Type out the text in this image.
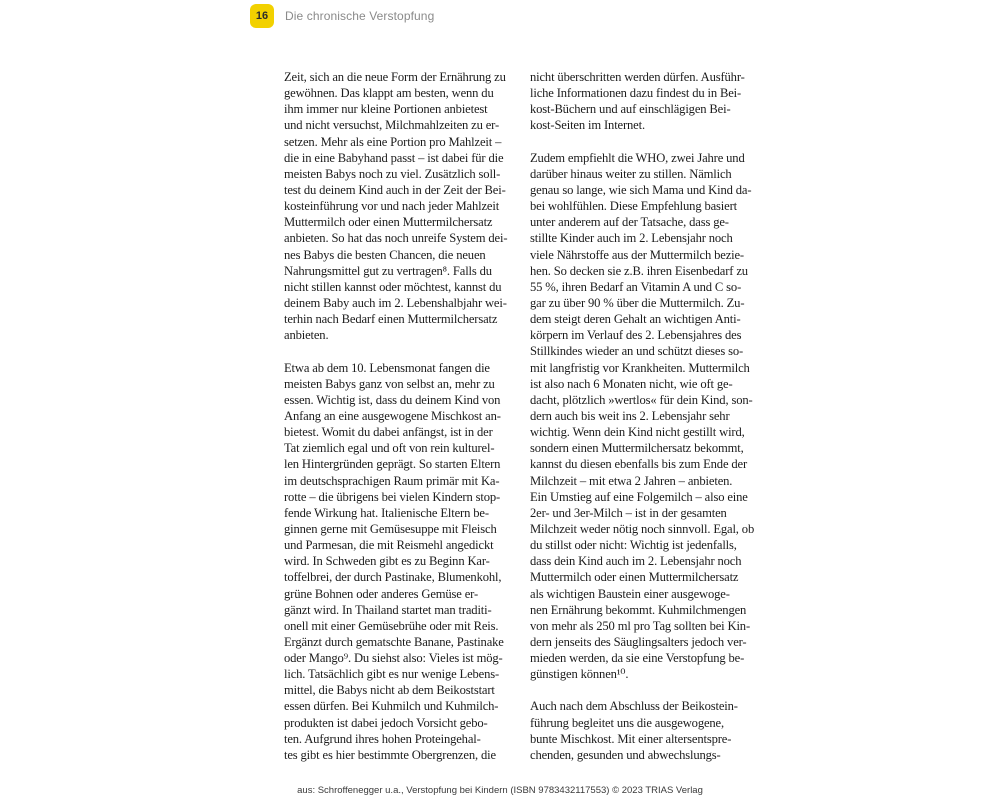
16	Die chronische Verstopfung
Zeit, sich an die neue Form der Ernährung zu
gewöhnen. Das klappt am besten, wenn du
ihm immer nur kleine Portionen anbietest
und nicht versuchst, Milchmahlzeiten zu er-
setzen. Mehr als eine Portion pro Mahlzeit –
die in eine Babyhand passt – ist dabei für die
meisten Babys noch zu viel. Zusätzlich soll-
test du deinem Kind auch in der Zeit der Bei-
kosteinführung vor und nach jeder Mahlzeit
Muttermilch oder einen Muttermilchersatz
anbieten. So hat das noch unreife System dei-
nes Babys die besten Chancen, die neuen
Nahrungsmittel gut zu vertragen⁸. Falls du
nicht stillen kannst oder möchtest, kannst du
deinem Baby auch im 2. Lebenshalbjahr wei-
terhin nach Bedarf einen Muttermilchersatz
anbieten.
Etwa ab dem 10. Lebensmonat fangen die
meisten Babys ganz von selbst an, mehr zu
essen. Wichtig ist, dass du deinem Kind von
Anfang an eine ausgewogene Mischkost an-
bietest. Womit du dabei anfängst, ist in der
Tat ziemlich egal und oft von rein kulturel-
len Hintergründen geprägt. So starten Eltern
im deutschsprachigen Raum primär mit Ka-
rotte – die übrigens bei vielen Kindern stop-
fende Wirkung hat. Italienische Eltern be-
ginnen gerne mit Gemüsesuppe mit Fleisch
und Parmesan, die mit Reismehl angedickt
wird. In Schweden gibt es zu Beginn Kar-
toffelbrei, der durch Pastinake, Blumenkohl,
grüne Bohnen oder anderes Gemüse er-
gänzt wird. In Thailand startet man traditi-
onell mit einer Gemüsebrühe oder mit Reis.
Ergänzt durch gematschte Banane, Pastinake
oder Mango⁹. Du siehst also: Vieles ist mög-
lich. Tatsächlich gibt es nur wenige Lebens-
mittel, die Babys nicht ab dem Beikoststart
essen dürfen. Bei Kuhmilch und Kuhmilch-
produkten ist dabei jedoch Vorsicht gebo-
ten. Aufgrund ihres hohen Proteingehal-
tes gibt es hier bestimmte Obergrenzen, die
nicht überschritten werden dürfen. Ausführ-
liche Informationen dazu findest du in Bei-
kost-Büchern und auf einschlägigen Bei-
kost-Seiten im Internet.
Zudem empfiehlt die WHO, zwei Jahre und
darüber hinaus weiter zu stillen. Nämlich
genau so lange, wie sich Mama und Kind da-
bei wohlfühlen. Diese Empfehlung basiert
unter anderem auf der Tatsache, dass ge-
stillte Kinder auch im 2. Lebensjahr noch
viele Nährstoffe aus der Muttermilch bezie-
hen. So decken sie z.B. ihren Eisenbedarf zu
55 %, ihren Bedarf an Vitamin A und C so-
gar zu über 90 % über die Muttermilch. Zu-
dem steigt deren Gehalt an wichtigen Anti-
körpern im Verlauf des 2. Lebensjahres des
Stillkindes wieder an und schützt dieses so-
mit langfristig vor Krankheiten. Muttermilch
ist also nach 6 Monaten nicht, wie oft ge-
dacht, plötzlich »wertlos« für dein Kind, son-
dern auch bis weit ins 2. Lebensjahr sehr
wichtig. Wenn dein Kind nicht gestillt wird,
sondern einen Muttermilchersatz bekommt,
kannst du diesen ebenfalls bis zum Ende der
Milchzeit – mit etwa 2 Jahren – anbieten.
Ein Umstieg auf eine Folgemilch – also eine
2er- und 3er-Milch – ist in der gesamten
Milchzeit weder nötig noch sinnvoll. Egal, ob
du stillst oder nicht: Wichtig ist jedenfalls,
dass dein Kind auch im 2. Lebensjahr noch
Muttermilch oder einen Muttermilchersatz
als wichtigen Baustein einer ausgewoge-
nen Ernährung bekommt. Kuhmilchmengen
von mehr als 250 ml pro Tag sollten bei Kin-
dern jenseits des Säuglingsalters jedoch ver-
mieden werden, da sie eine Verstopfung be-
günstigen können¹⁰.
Auch nach dem Abschluss der Beikostein-
führung begleitet uns die ausgewogene,
bunte Mischkost. Mit einer altersentspre-
chenden, gesunden und abwechslungs-
aus: Schroffenegger u.a., Verstopfung bei Kindern (ISBN 9783432117553) © 2023 TRIAS Verlag
